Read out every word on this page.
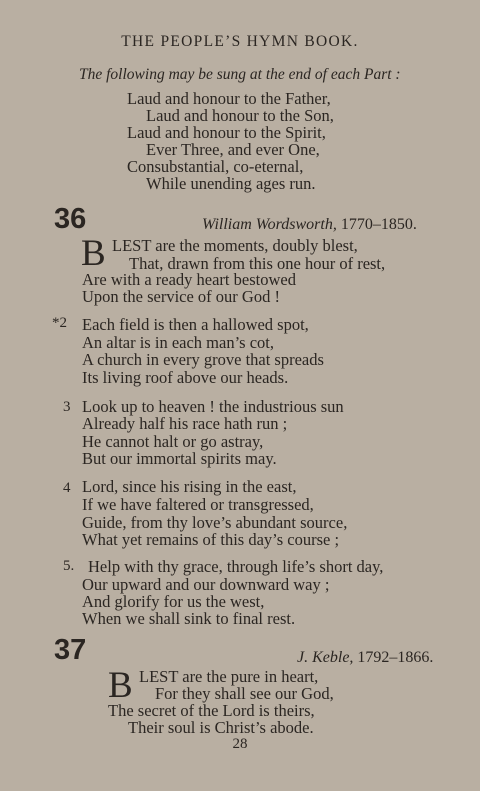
THE PEOPLE’S HYMN BOOK.
The following may be sung at the end of each Part :
Laud and honour to the Father,
Laud and honour to the Son,
Laud and honour to the Spirit,
Ever Three, and ever One,
Consubstantial, co-eternal,
While unending ages run.
36	William Wordsworth, 1770–1850.
B LEST are the moments, doubly blest,
That, drawn from this one hour of rest,
Are with a ready heart bestowed
Upon the service of our God !
*2 Each field is then a hallowed spot,
An altar is in each man’s cot,
A church in every grove that spreads
Its living roof above our heads.
3 Look up to heaven ! the industrious sun
Already half his race hath run ;
He cannot halt or go astray,
But our immortal spirits may.
4 Lord, since his rising in the east,
If we have faltered or transgressed,
Guide, from thy love’s abundant source,
What yet remains of this day’s course ;
5. Help with thy grace, through life’s short day,
Our upward and our downward way ;
And glorify for us the west,
When we shall sink to final rest.
37	J. Keble, 1792–1866.
B LEST are the pure in heart,
For they shall see our God,
The secret of the Lord is theirs,
Their soul is Christ’s abode.
28
